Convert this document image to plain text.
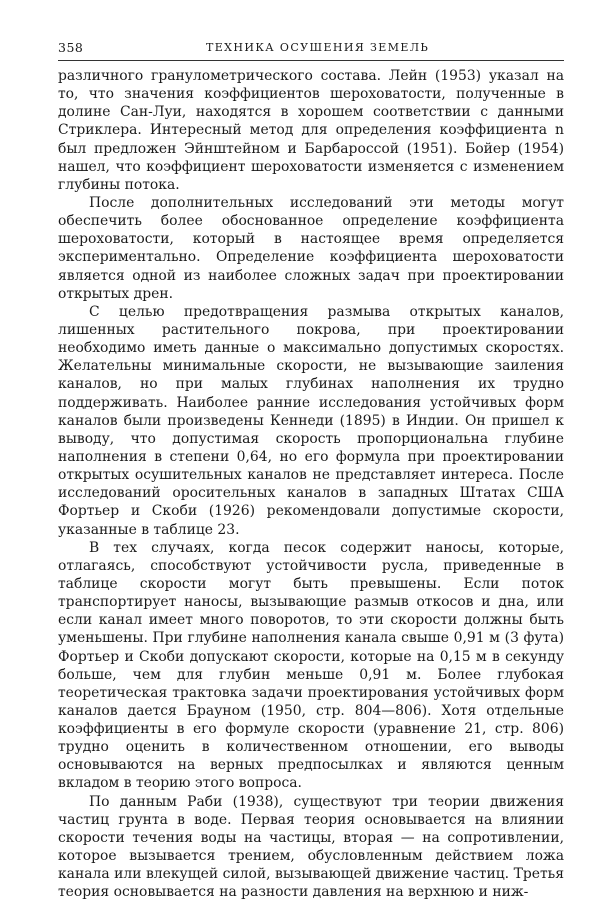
358	ТЕХНИКА ОСУШЕНИЯ ЗЕМЕЛЬ

различного гранулометрического состава. Лейн (1953) указал на то, что значения коэффициентов шероховатости, полученные в долине Сан-Луи, находятся в хорошем соответствии с данными Стриклера. Интересный метод для определения коэффициента n был предложен Эйнштейном и Барбароссой (1951). Бойер (1954) нашел, что коэффициент шероховатости изменяется с изменением глубины потока.

После дополнительных исследований эти методы могут обеспечить более обоснованное определение коэффициента шероховатости, который в настоящее время определяется экспериментально. Определение коэффициента шероховатости является одной из наиболее сложных задач при проектировании открытых дрен.

С целью предотвращения размыва открытых каналов, лишенных растительного покрова, при проектировании необходимо иметь данные о максимально допустимых скоростях. Желательны минимальные скорости, не вызывающие заиления каналов, но при малых глубинах наполнения их трудно поддерживать. Наиболее ранние исследования устойчивых форм каналов были произведены Кеннеди (1895) в Индии. Он пришел к выводу, что допустимая скорость пропорциональна глубине наполнения в степени 0,64, но его формула при проектировании открытых осушительных каналов не представляет интереса. После исследований оросительных каналов в западных Штатах США Фортьер и Скоби (1926) рекомендовали допустимые скорости, указанные в таблице 23.

В тех случаях, когда песок содержит наносы, которые, отлагаясь, способствуют устойчивости русла, приведенные в таблице скорости могут быть превышены. Если поток транспортирует наносы, вызывающие размыв откосов и дна, или если канал имеет много поворотов, то эти скорости должны быть уменьшены. При глубине наполнения канала свыше 0,91 м (3 фута) Фортьер и Скоби допускают скорости, которые на 0,15 м в секунду больше, чем для глубин меньше 0,91 м. Более глубокая теоретическая трактовка задачи проектирования устойчивых форм каналов дается Брауном (1950, стр. 804—806). Хотя отдельные коэффициенты в его формуле скорости (уравнение 21, стр. 806) трудно оценить в количественном отношении, его выводы основываются на верных предпосылках и являются ценным вкладом в теорию этого вопроса.

По данным Раби (1938), существуют три теории движения частиц грунта в воде. Первая теория основывается на влиянии скорости течения воды на частицы, вторая — на сопротивлении, которое вызывается трением, обусловленным действием ложа канала или влекущей силой, вызывающей движение частиц. Третья теория основывается на разности давления на верхнюю и ниж-
